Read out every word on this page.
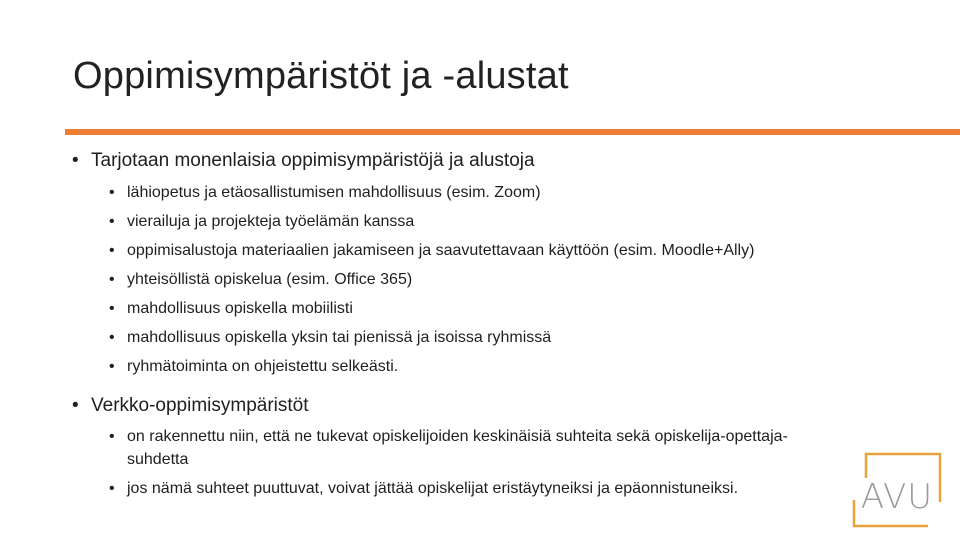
Oppimisympäristöt ja -alustat
• Tarjotaan monenlaisia oppimisympäristöjä ja alustoja
• lähiopetus ja etäosallistumisen mahdollisuus (esim. Zoom)
• vierailuja ja projekteja työelämän kanssa
• oppimisalustoja materiaalien jakamiseen ja saavutettavaan käyttöön (esim. Moodle+Ally)
• yhteisöllistä opiskelua (esim. Office 365)
• mahdollisuus opiskella mobiilisti
• mahdollisuus opiskella yksin tai pienissä ja isoissa ryhmissä
• ryhmätoiminta on ohjeistettu selkeästi.
• Verkko-oppimisympäristöt
• on rakennettu niin, että ne tukevat opiskelijoiden keskinäisiä suhteita sekä opiskelija-opettaja-suhdetta
• jos nämä suhteet puuttuvat, voivat jättää opiskelijat eristäytyneiksi ja epäonnistuneiksi.	AVU
